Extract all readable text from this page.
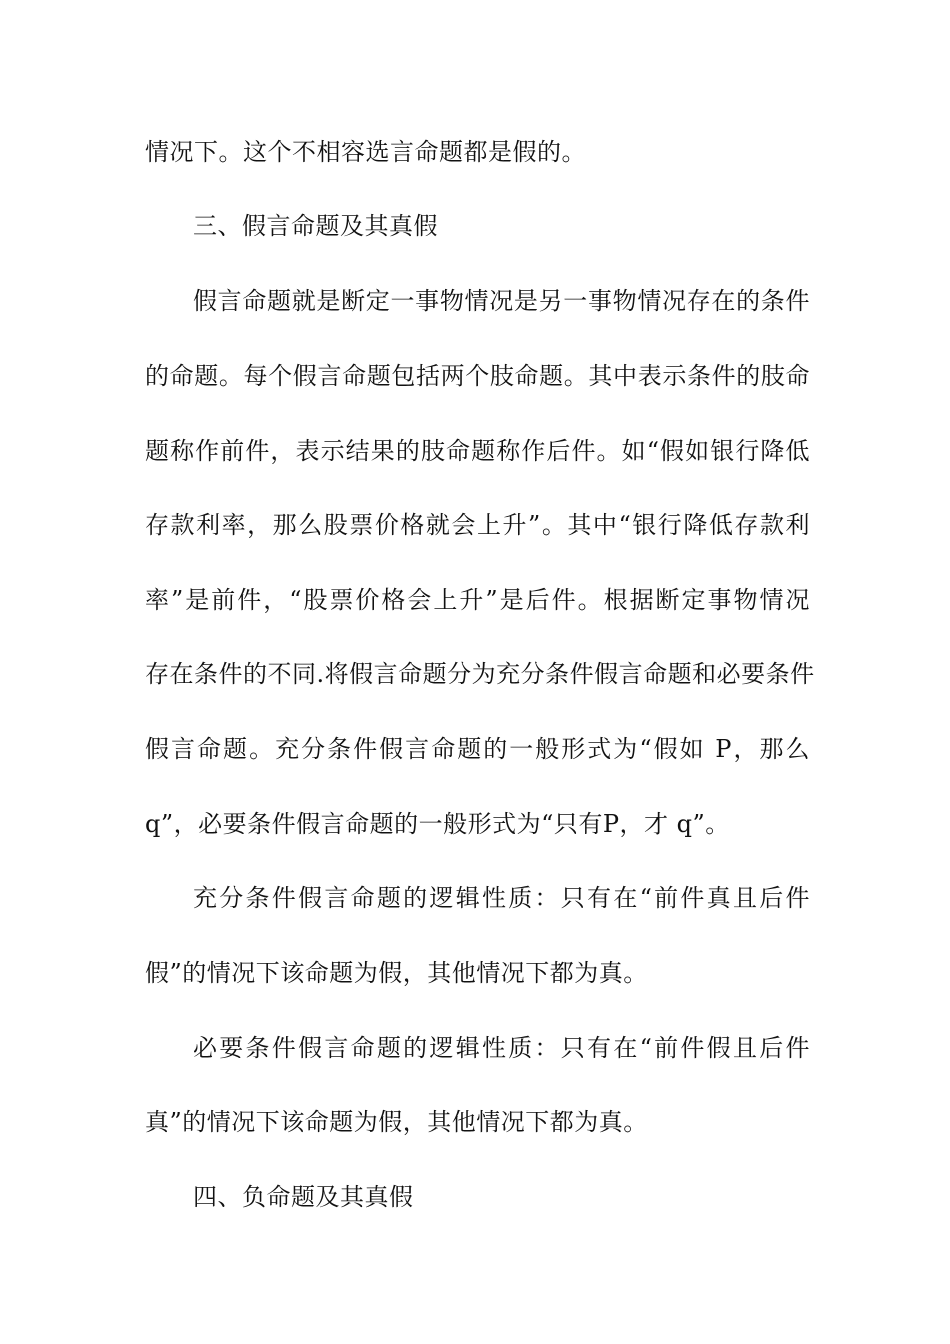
情况下。这个不相容选言命题都是假的。
三、假言命题及其真假
假言命题就是断定一事物情况是另一事物情况存在的条件
的命题。每个假言命题包括两个肢命题。其中表示条件的肢命
题称作前件，表示结果的肢命题称作后件。如“假如银行降低
存款利率，那么股票价格就会上升”。其中“银行降低存款利
率”是前件，“股票价格会上升”是后件。根据断定事物情况
存在条件的不同.将假言命题分为充分条件假言命题和必要条件
假言命题。充分条件假言命题的一般形式为“假如 P，那么
q”，必要条件假言命题的一般形式为“只有P，才 q”。
充分条件假言命题的逻辑性质：只有在“前件真且后件
假”的情况下该命题为假，其他情况下都为真。
必要条件假言命题的逻辑性质：只有在“前件假且后件
真”的情况下该命题为假，其他情况下都为真。
四、负命题及其真假
